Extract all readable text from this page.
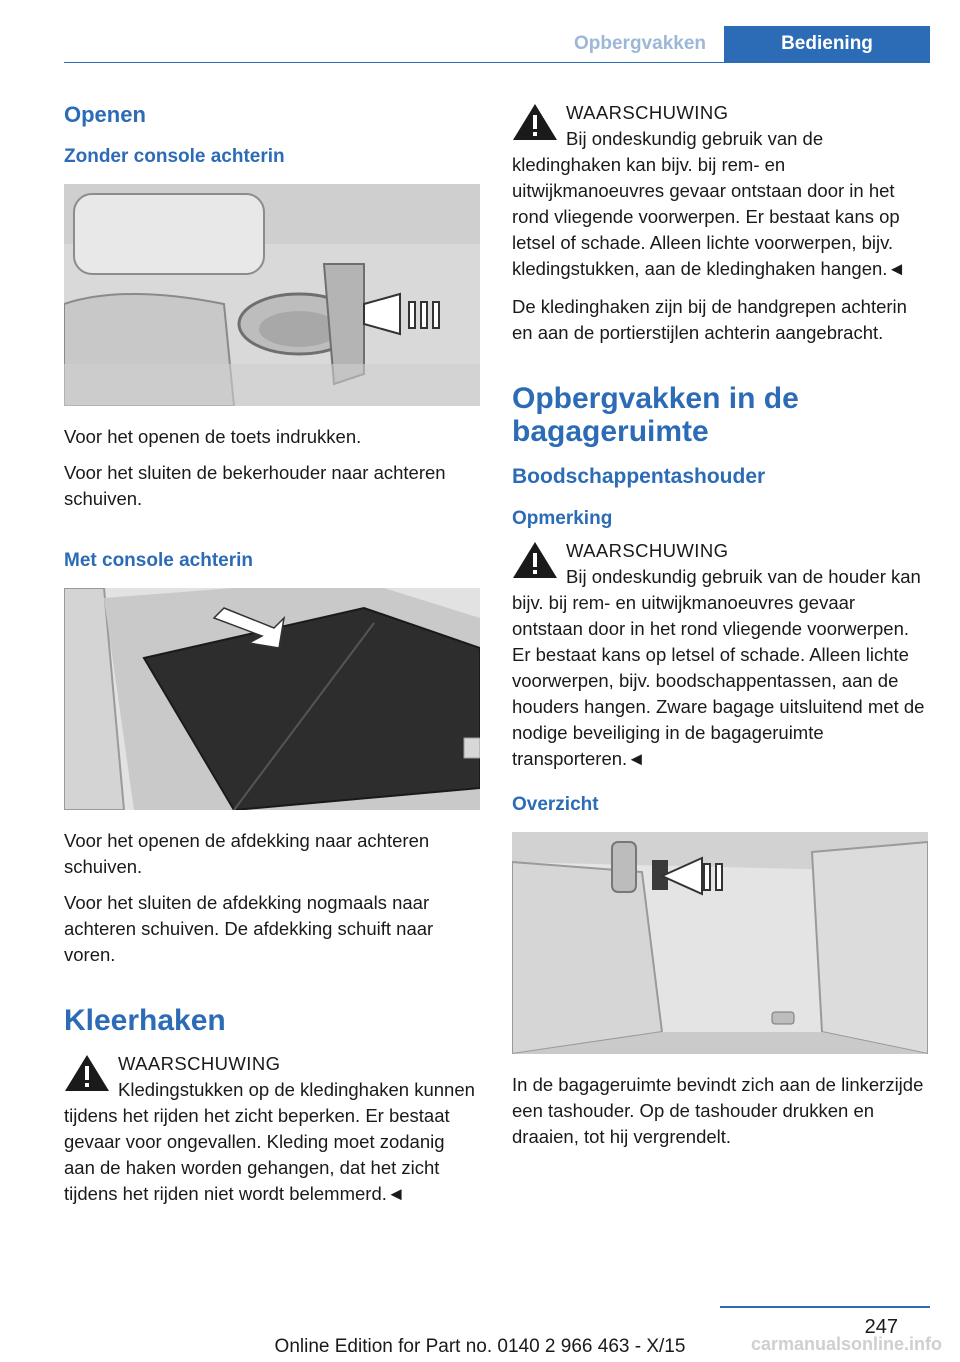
Opbergvakken	Bediening
Openen
Zonder console achterin

Voor het openen de toets indrukken.

Voor het sluiten de bekerhouder naar achteren schuiven.

Met console achterin

Voor het openen de afdekking naar achteren schuiven.

Voor het sluiten de afdekking nogmaals naar achteren schuiven. De afdekking schuift naar voren.

Kleerhaken
WAARSCHUWING

Kledingstukken op de kledinghaken kunnen tijdens het rijden het zicht beperken. Er bestaat gevaar voor ongevallen. Kleding moet zodanig aan de haken worden gehangen, dat het zicht tijdens het rijden niet wordt belemmerd.◄

WAARSCHUWING

Bij ondeskundig gebruik van de kledinghaken kan bijv. bij rem- en uitwijkmanoeuvres gevaar ontstaan door in het rond vliegende voorwerpen. Er bestaat kans op letsel of schade. Alleen lichte voorwerpen, bijv. kledingstukken, aan de kledinghaken hangen.◄

De kledinghaken zijn bij de handgrepen achterin en aan de portierstijlen achterin aangebracht.

Opbergvakken in de bagageruimte
Boodschappentashouder
Opmerking
WAARSCHUWING

Bij ondeskundig gebruik van de houder kan bijv. bij rem- en uitwijkmanoeuvres gevaar ontstaan door in het rond vliegende voorwerpen. Er bestaat kans op letsel of schade. Alleen lichte voorwerpen, bijv. boodschappentassen, aan de houders hangen. Zware bagage uitsluitend met de nodige beveiliging in de bagageruimte transporteren.◄

Overzicht

In de bagageruimte bevindt zich aan de linkerzijde een tashouder. Op de tashouder drukken en draaien, tot hij vergrendelt.

247
Online Edition for Part no. 0140 2 966 463 - X/15	carmanualsonline.info
